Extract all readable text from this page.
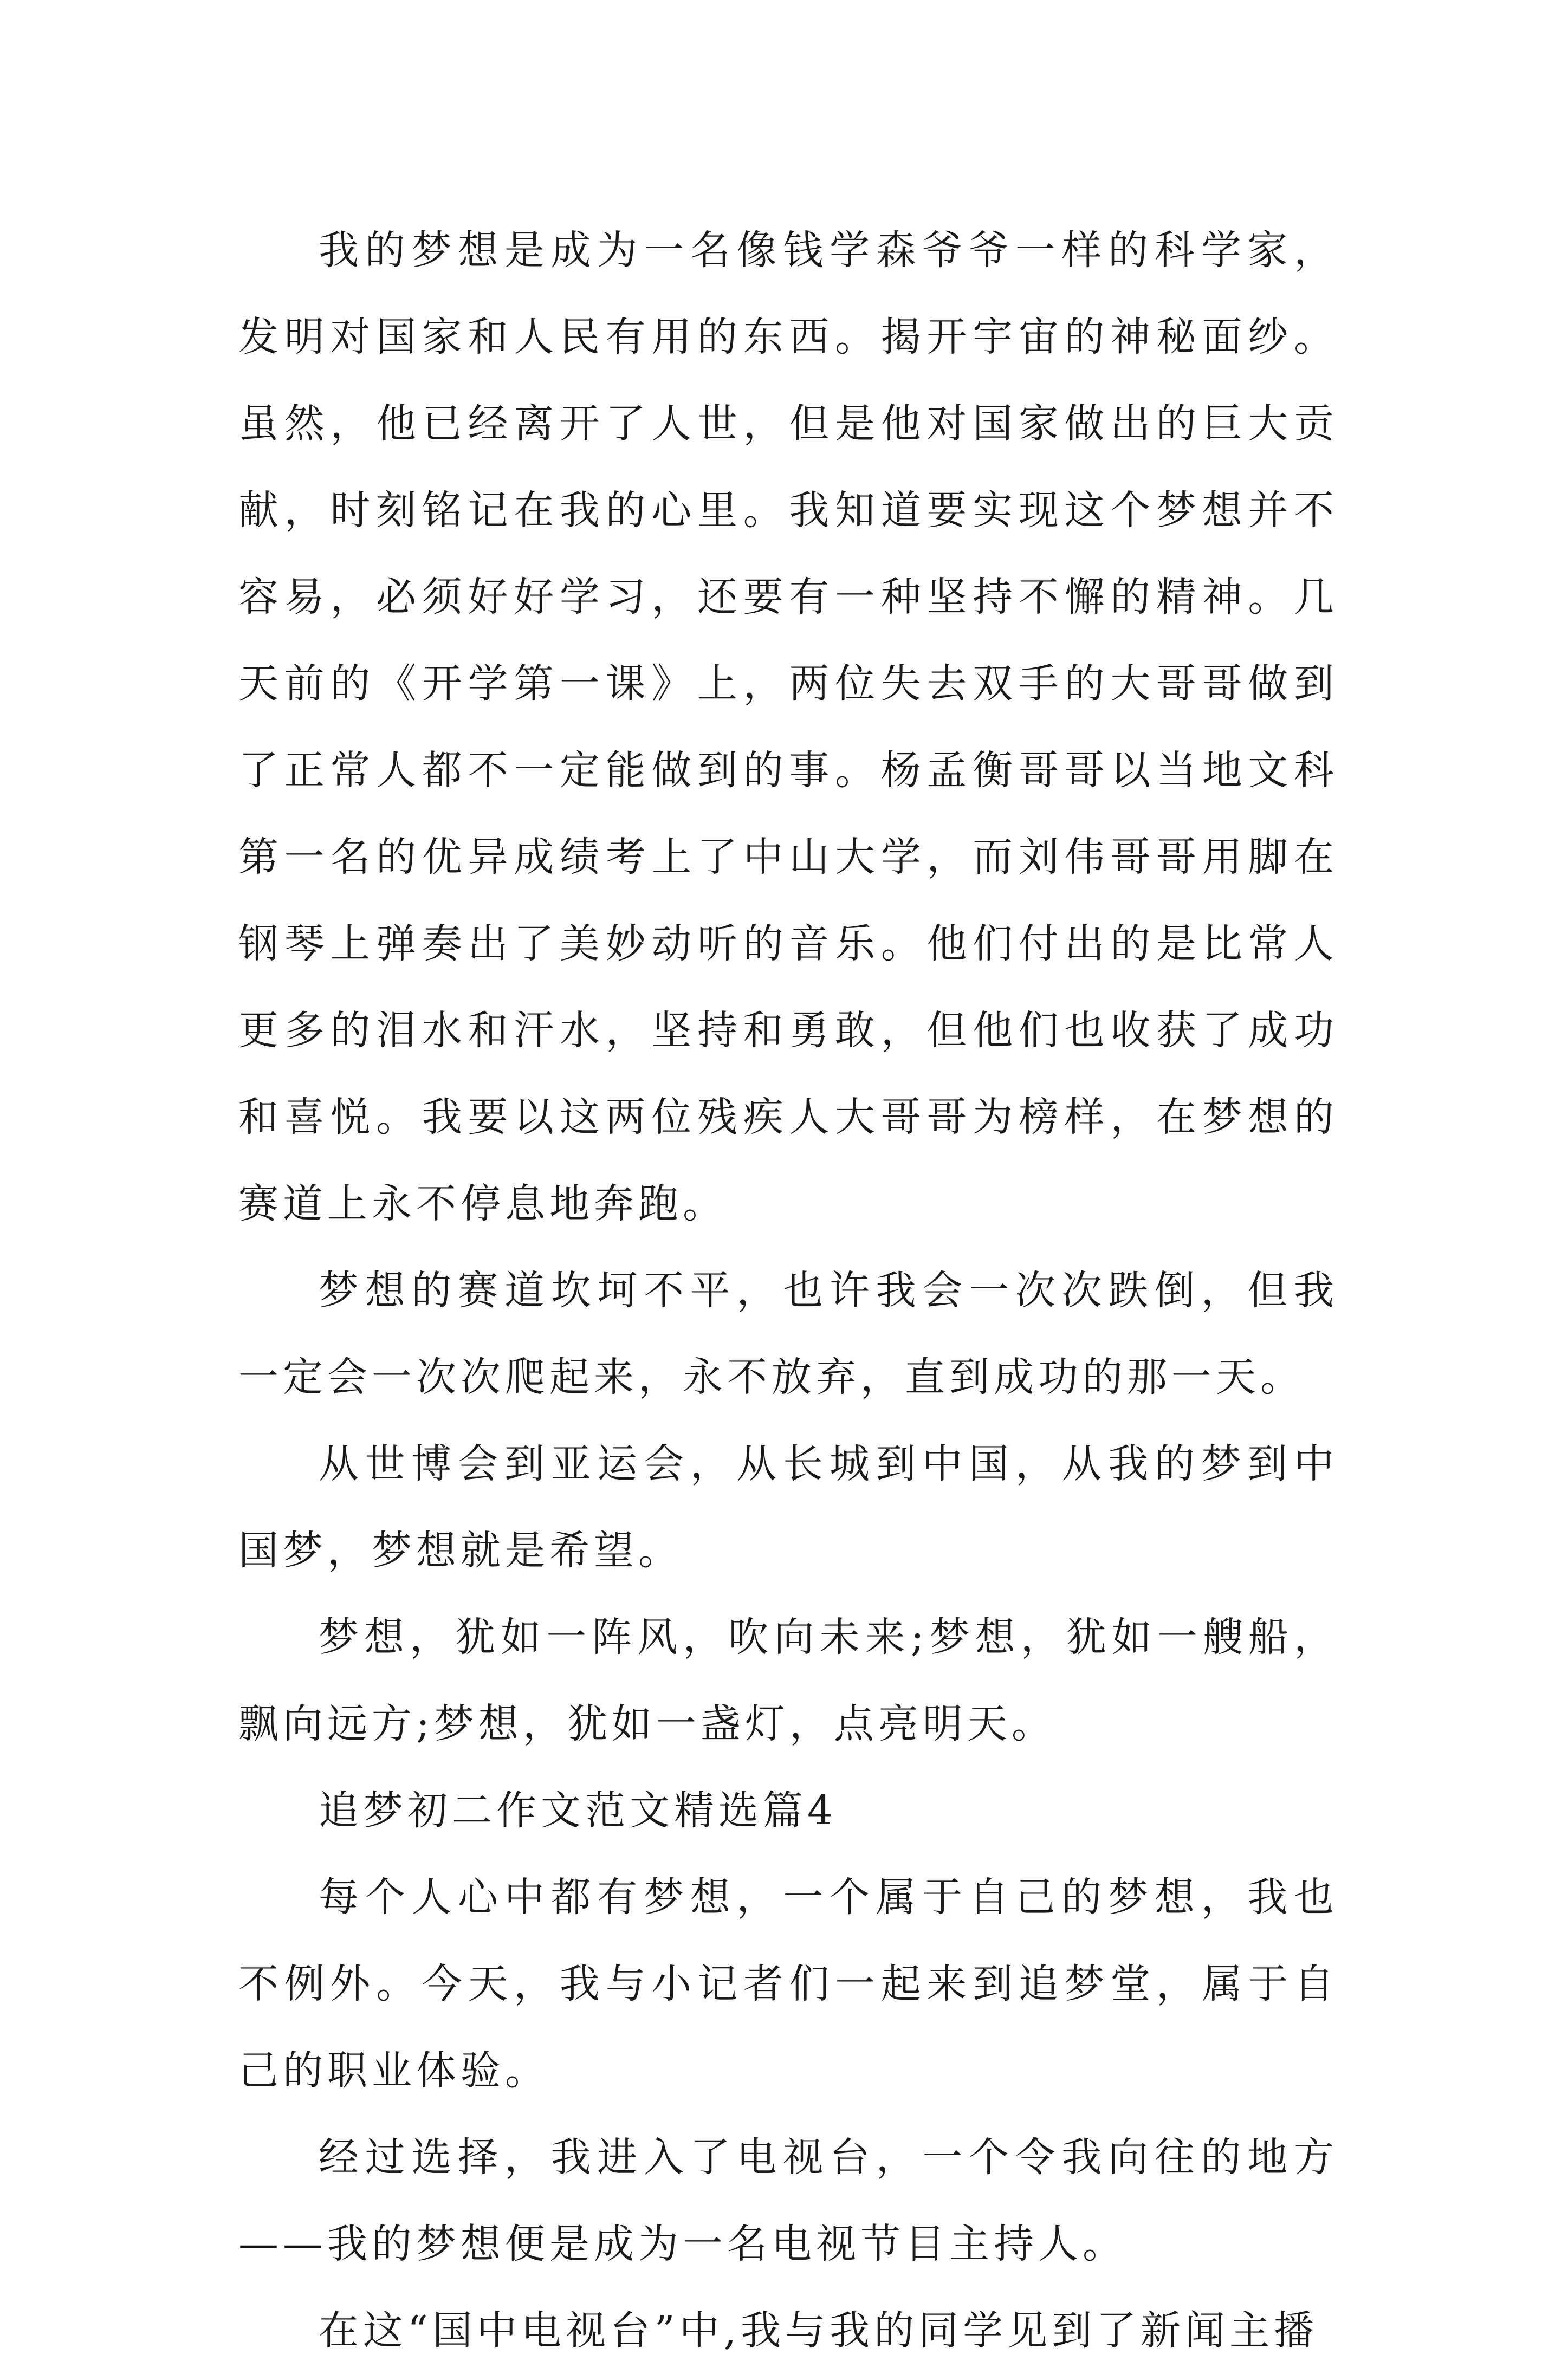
我的梦想是成为一名像钱学森爷爷一样的科学家，发明对国家和人民有用的东西。揭开宇宙的神秘面纱。虽然，他已经离开了人世，但是他对国家做出的巨大贡献，时刻铭记在我的心里。我知道要实现这个梦想并不容易，必须好好学习，还要有一种坚持不懈的精神。几天前的《开学第一课》上，两位失去双手的大哥哥做到了正常人都不一定能做到的事。杨孟衡哥哥以当地文科第一名的优异成绩考上了中山大学，而刘伟哥哥用脚在钢琴上弹奏出了美妙动听的音乐。他们付出的是比常人更多的泪水和汗水，坚持和勇敢，但他们也收获了成功和喜悦。我要以这两位残疾人大哥哥为榜样，在梦想的赛道上永不停息地奔跑。

梦想的赛道坎坷不平，也许我会一次次跌倒，但我一定会一次次爬起来，永不放弃，直到成功的那一天。

从世博会到亚运会，从长城到中国，从我的梦到中国梦，梦想就是希望。

梦想，犹如一阵风，吹向未来;梦想，犹如一艘船，飘向远方;梦想，犹如一盏灯，点亮明天。

追梦初二作文范文精选篇4

每个人心中都有梦想，一个属于自己的梦想，我也不例外。今天，我与小记者们一起来到追梦堂，属于自己的职业体验。

经过选择，我进入了电视台，一个令我向往的地方——我的梦想便是成为一名电视节目主持人。

在这“国中电视台”中,我与我的同学见到了新闻主播
